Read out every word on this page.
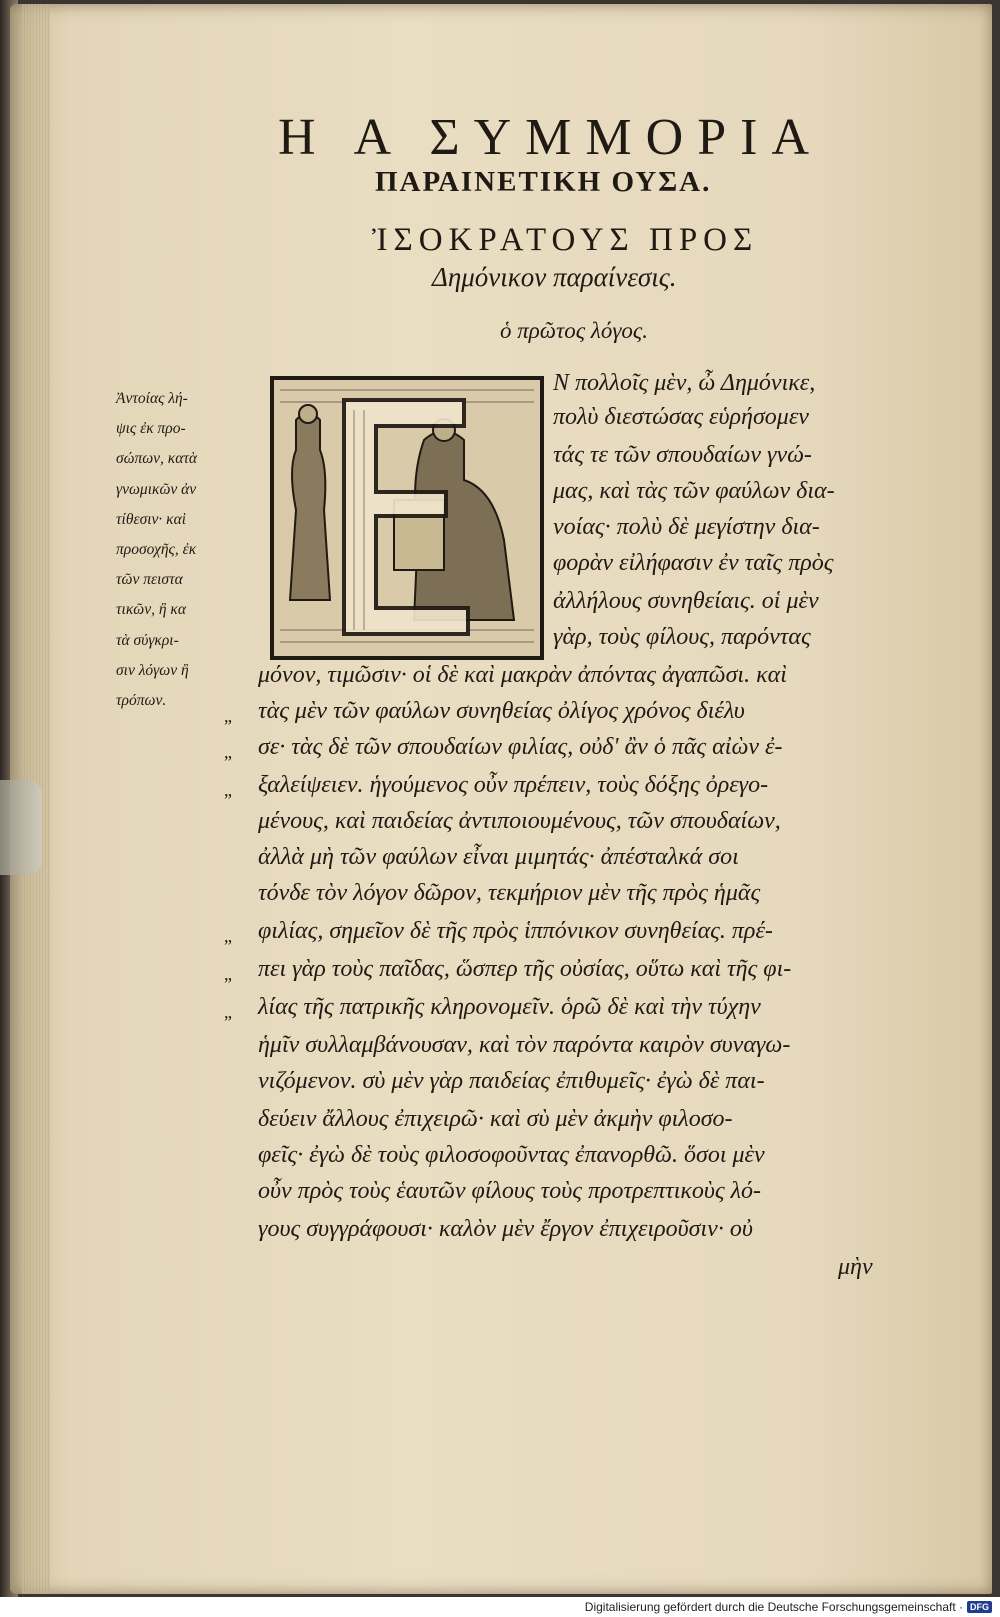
Η Α ΣΥΜΜΟΡΙΑ
ΠΑΡΑΙΝΕΤΙΚΗ ΟΥΣΑ.
ἸΣΟΚΡΑΤΟΥΣ ΠΡΟΣ
Δημόνικον παραίνεσις.
ὁ πρῶτος λόγος.
Ἀντοίας λή-
ψις ἐκ προ-
σώπων, κατὰ
γνωμικῶν ἀν
τίθεσιν· καὶ
προσοχῆς, ἐκ
τῶν πειστα
τικῶν, ἢ κα
τὰ σύγκρι-
σιν λόγων ἢ
τρόπων.
Ν πολλοῖς μὲν, ὦ Δημόνικε,
πολὺ διεστώσας εὑρήσομεν
τάς τε τῶν σπουδαίων γνώ-
μας, καὶ τὰς τῶν φαύλων δια-
νοίας· πολὺ δὲ μεγίστην δια-
φορὰν εἰλήφασιν ἐν ταῖς πρὸς
ἀλλήλους συνηθείαις. οἱ μὲν
γὰρ, τοὺς φίλους, παρόντας
μόνον, τιμῶσιν· οἱ δὲ καὶ μακρὰν ἀπόντας ἀγαπῶσι. καὶ
τὰς μὲν τῶν φαύλων συνηθείας ὀλίγος χρόνος διέλυ
σε· τὰς δὲ τῶν σπουδαίων φιλίας, οὐδ' ἂν ὁ πᾶς αἰὼν ἐ-
ξαλείψειεν. ἡγούμενος οὖν πρέπειν, τοὺς δόξης ὀρεγο-
μένους, καὶ παιδείας ἀντιποιουμένους, τῶν σπουδαίων,
ἀλλὰ μὴ τῶν φαύλων εἶναι μιμητάς· ἀπέσταλκά σοι
τόνδε τὸν λόγον δῶρον, τεκμήριον μὲν τῆς πρὸς ἡμᾶς
φιλίας, σημεῖον δὲ τῆς πρὸς ἱππόνικον συνηθείας. πρέ-
πει γὰρ τοὺς παῖδας, ὥσπερ τῆς οὐσίας, οὕτω καὶ τῆς φι-
λίας τῆς πατρικῆς κληρονομεῖν. ὁρῶ δὲ καὶ τὴν τύχην
ἡμῖν συλλαμβάνουσαν, καὶ τὸν παρόντα καιρὸν συναγω-
νιζόμενον. σὺ μὲν γὰρ παιδείας ἐπιθυμεῖς· ἐγὼ δὲ παι-
δεύειν ἄλλους ἐπιχειρῶ· καὶ σὺ μὲν ἀκμὴν φιλοσο-
φεῖς· ἐγὼ δὲ τοὺς φιλοσοφοῦντας ἐπανορθῶ. ὅσοι μὲν
οὖν πρὸς τοὺς ἑαυτῶν φίλους τοὺς προτρεπτικοὺς λό-
γους συγγράφουσι· καλὸν μὲν ἔργον ἐπιχειροῦσιν· οὐ
μὴν
„
„
„
„
„
„
Digitalisierung gefördert durch die Deutsche Forschungsgemeinschaft · DFG
